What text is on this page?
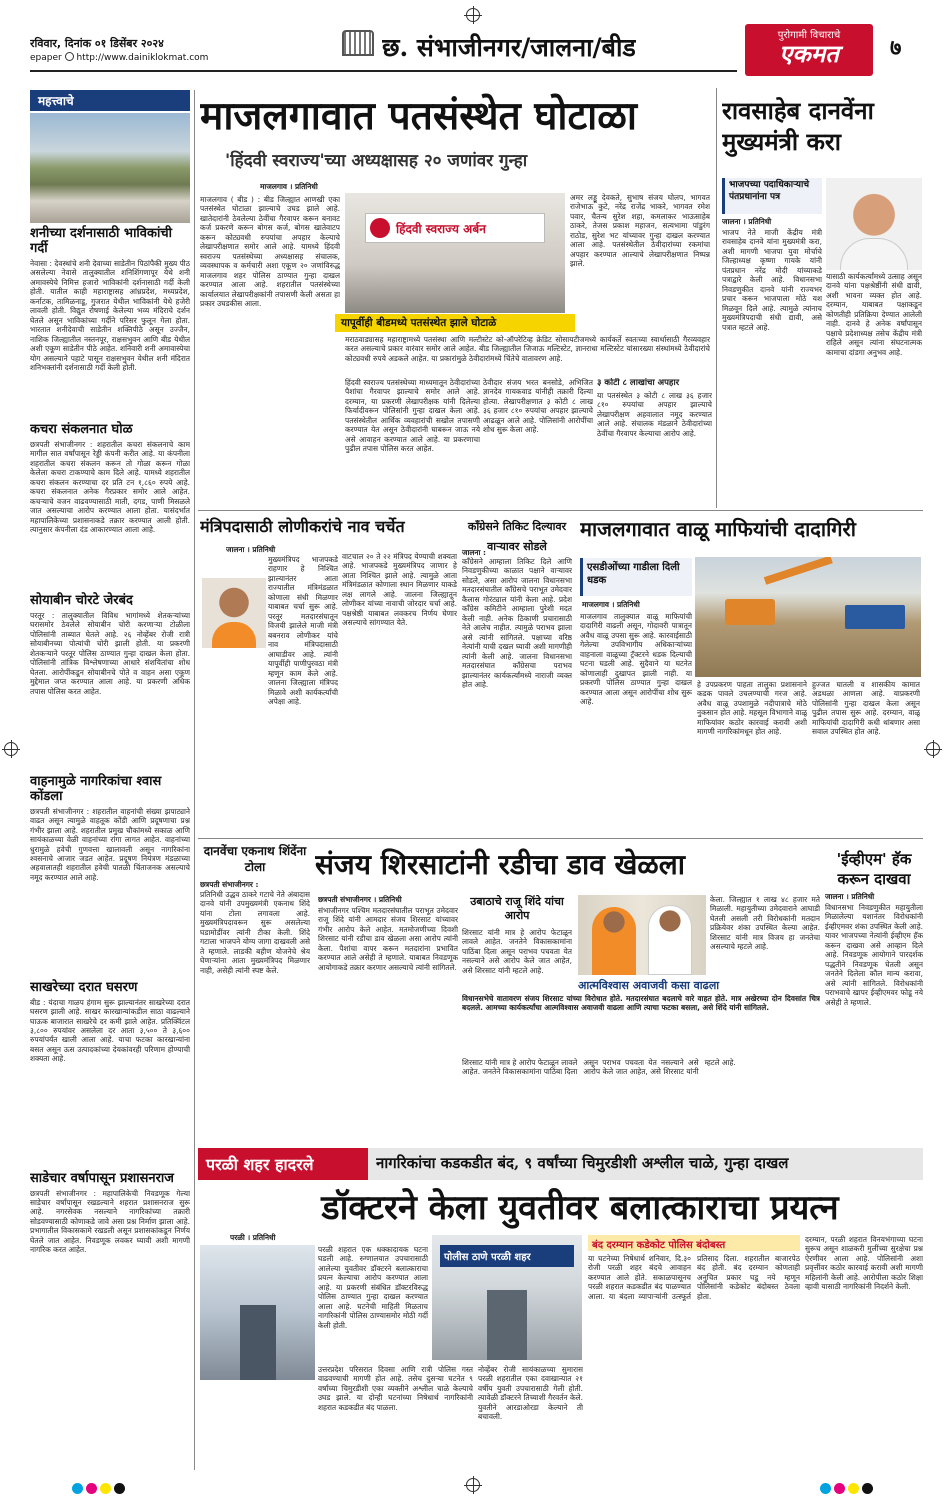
रविवार, दिनांक ०१ डिसेंबर २०२४
epaper http://www.dainiklokmat.com	छ. संभाजीनगर/जालना/बीड	पुरोगामी विचाराचे
एकमत	७
महत्त्वाचे
शनीच्या दर्शनासाठी भाविकांची गर्दी
नेवासा : देवस्थांचे शनी देवाच्या साडेतीन पिठांपैकी मुख्य पीठ असलेल्या नेवासे तालुक्यातील शनिशिंगणापूर येथे शनी अमावस्येचे निमित्त हजारो भाविकांनी दर्शनासाठी गर्दी केली होती. यातील काही महाराष्ट्रासह आंध्रप्रदेश, मध्यप्रदेश, कर्नाटक, तामिळनाडू, गुजरात येथील भाविकांनी येथे हजेरी लावली होती. विद्युत रोषणाई केलेल्या भव्य मंदिराचे दर्शन घेतले असून भाविकांच्या गर्दीने परिसर फुलून गेला होता. भारतात शनीदेवाची साडेतीन शक्तिपीठे असून उज्जैन, नाशिक जिल्ह्यातील नस्तनपूर, राक्षसभुवन आणि बीड येथील अशी एकूण साडेतीन पीठे आहेत. शनिवारी शनी अमावास्येचा योग असल्याने पहाटे पासून राक्षसभुवन येथील शनी मंदिरात शनिभक्तांनी दर्शनासाठी गर्दी केली होती.
कचरा संकलनात घोळ
छत्रपती संभाजीनगर : शहरातील कचरा संकलनाचे काम मागील सात वर्षांपासून रेड्डी कंपनी करीत आहे. या कंपनीला शहरातील कचरा संकलन करून तो गोळा करून गोळा केलेला कचरा टाकण्याचे काम दिले आहे. यामध्ये शहरातील कचरा संकलन करण्याचा दर प्रति टन १,८६० रुपये आहे. कचरा संकलनात अनेक गैरप्रकार समोर आले आहेत. कचऱ्याचे वजन वाढवण्यासाठी माती, दगड, पाणी मिसळले जात असल्याचा आरोप करण्यात आला होता. यासंदर्भात महापालिकेच्या प्रशासनाकडे तक्रार करण्यात आली होती. त्यानुसार कंपनीला दंड आकारण्यात आला आहे.
सोयाबीन चोरटे जेरबंद
परतूर : तालुक्यातील विविध भागांमध्ये शेतकऱ्यांच्या घरासमोर ठेवलेले सोयाबीन चोरी करणाऱ्या टोळीला पोलिसांनी ताब्यात घेतले आहे. २६ नोव्हेंबर रोजी रात्री सोयाबीनच्या पोत्यांची चोरी झाली होती. या प्रकरणी शेतकऱ्याने परतूर पोलिस ठाण्यात गुन्हा दाखल केला होता. पोलिसांनी तांत्रिक विश्लेषणाच्या आधारे संशयितांचा शोध घेतला. आरोपींकडून सोयाबीनचे पोते व वाहन असा एकूण मुद्देमाल जप्त करण्यात आला आहे. या प्रकरणी अधिक तपास पोलिस करत आहेत.
वाहनामुळे नागरिकांचा श्वास कोंडला
छत्रपती संभाजीनगर : शहरातील वाहनांची संख्या झपाट्याने वाढत असून त्यामुळे वाहतूक कोंडी आणि प्रदूषणाचा प्रश्न गंभीर झाला आहे. शहरातील प्रमुख चौकांमध्ये सकाळ आणि सायंकाळच्या वेळी वाहनांच्या रांगा लागत आहेत. वाहनांच्या धुरामुळे हवेची गुणवत्ता खालावली असून नागरिकांना श्वसनाचे आजार जडत आहेत. प्रदूषण नियंत्रण मंडळाच्या अहवालातही शहरातील हवेची पातळी चिंताजनक असल्याचे नमूद करण्यात आले आहे.
साखरेच्या दरात घसरण
बीड : यंदाचा गाळप हंगाम सुरू झाल्यानंतर साखरेच्या दरात घसरण झाली आहे. साखर कारखान्यांकडील साठा वाढल्याने घाऊक बाजारात साखरेचे दर कमी झाले आहेत. प्रतिक्विंटल ३,८०० रुपयांवर असलेला दर आता ३,५०० ते ३,६०० रुपयांपर्यंत खाली आला आहे. याचा फटका कारखान्यांना बसत असून ऊस उत्पादकांच्या देयकांवरही परिणाम होण्याची शक्यता आहे.
साडेचार वर्षापासून प्रशासनराज
छत्रपती संभाजीनगर : महापालिकेची निवडणूक गेल्या साडेचार वर्षांपासून रखडल्याने शहरात प्रशासनराज सुरू आहे. नगरसेवक नसल्याने नागरिकांच्या तक्रारी सोडवण्यासाठी कोणाकडे जावे असा प्रश्न निर्माण झाला आहे. प्रभागातील विकासकामे रखडली असून प्रशासकांकडून निर्णय घेतले जात आहेत. निवडणूक लवकर घ्यावी अशी मागणी नागरिक करत आहेत.
माजलगावात पतसंस्थेत घोटाळा
'हिंदवी स्वराज्य'च्या अध्यक्षासह २० जणांवर गुन्हा
माजलगाव । प्रतिनिधी
माजलगाव ( बीड ) : बीड जिल्ह्यात आणखी एका पतसंस्थेत घोटाळा झाल्याचे उघड झाले आहे. खातेदारांनी ठेवलेल्या ठेवींचा गैरवापर करून बनावट कर्ज प्रकरणे करून बोगस कर्ज, बोगस खातेवाटप करून कोट्यवधी रुपयांचा अपहार केल्याचे लेखापरीक्षणात समोर आले आहे. यामध्ये हिंदवी स्वराज्य पतसंस्थेच्या अध्यक्षासह संचालक, व्यवस्थापक व कर्मचारी अशा एकूण २० जणांविरुद्ध माजलगाव शहर पोलिस ठाण्यात गुन्हा दाखल करण्यात आला आहे. शहरातील पतसंस्थेच्या कार्यालयात लेखापरीक्षकांनी तपासणी केली असता हा प्रकार उघडकीस आला.
हिंदवी स्वराज्य अर्बन
अमर लड्डू देवकते, सुभाष संजय घोलप, भागवत राजेभाऊ कुटे, नरेंद्र राजेंद्र भाकरे, भागवत रमेश पवार, चैतन्य सुरेश शहा, कमलाकर भाऊसाहेब ठाकरे, तेजस प्रकाश महाजन, सत्यभामा पांडुरंग राठोड, सुरेश भट यांच्यावर गुन्हा दाखल करण्यात आला आहे. पतसंस्थेतील ठेवीदारांच्या रकमांचा अपहार करण्यात आल्याचे लेखापरीक्षणात निष्पन्न झाले.
यापूर्वीही बीडमध्ये पतसंस्थेत झाले घोटाळे
मराठवाड्यासह महाराष्ट्रामध्ये पतसंस्था आणि मल्टीस्टेट को-ऑपरेटिव्ह क्रेडिट सोसायटीजमध्ये कार्यकर्ते स्वतःच्या स्वार्थासाठी गैरव्यवहार करत असल्याचे प्रकार वारंवार समोर आले आहेत. बीड जिल्ह्यातील जिजाऊ मल्टिस्टेट, ज्ञानराधा मल्टिस्टेट यांसारख्या संस्थांमध्ये ठेवीदारांचे कोट्यवधी रुपये अडकले आहेत. या प्रकारांमुळे ठेवीदारांमध्ये चिंतेचे वातावरण आहे.
हिंदवी स्वराज्य पतसंस्थेच्या माध्यमातून ठेवीदारांच्या पैशांचा गैरवापर झाल्याचे समोर आले आहे. दरम्यान, या प्रकरणी लेखापरीक्षक यांनी दिलेल्या फिर्यादीवरून पोलिसांनी गुन्हा दाखल केला आहे. पतसंस्थेतील आर्थिक व्यवहारांची सखोल तपासणी करण्यात येत असून ठेवीदारांनी घाबरून जाऊ नये असे आवाहन करण्यात आले आहे. या प्रकरणाचा पुढील तपास पोलिस करत आहेत.
ठेवीदार संजय भरत बनसोडे, अभिजित ज्ञानदेव गायकवाड यांनीही तक्रारी दिल्या होत्या. लेखापरीक्षणात ३ कोटी ८ लाख ३६ हजार ८१० रुपयांचा अपहार झाल्याचे आढळून आले आहे. पोलिसांनी आरोपींचा शोध सुरू केला आहे.
३ कोटी ८ लाखांचा अपहार
या पतसंस्थेत ३ कोटी ८ लाख ३६ हजार ८१० रुपयांचा अपहार झाल्याचे लेखापरीक्षण अहवालात नमूद करण्यात आले आहे. संचालक मंडळाने ठेवीदारांच्या ठेवींचा गैरवापर केल्याचा आरोप आहे.
रावसाहेब दानवेंना मुख्यमंत्री करा
भाजपच्या पदाधिकाऱ्याचे पंतप्रधानांना पत्र
जालना । प्रतिनिधी
भाजप नेते माजी केंद्रीय मंत्री रावसाहेब दानवे यांना मुख्यमंत्री करा, अशी मागणी भाजपा युवा मोर्चाचे जिल्हाध्यक्ष कृष्णा गायके यांनी पंतप्रधान नरेंद्र मोदी यांच्याकडे पत्राद्वारे केली आहे. विधानसभा निवडणुकीत दानवे यांनी राज्यभर प्रचार करून भाजपाला मोठे यश मिळवून दिले आहे. त्यामुळे त्यांनाच मुख्यमंत्रिपदाची संधी द्यावी, असे पत्रात म्हटले आहे.
यासाठी कार्यकर्त्यांमध्ये उत्साह असून दानवे यांना पक्षश्रेष्ठींनी संधी द्यावी, अशी भावना व्यक्त होत आहे. दरम्यान, याबाबत पक्षाकडून कोणतीही प्रतिक्रिया देण्यात आलेली नाही. दानवे हे अनेक वर्षांपासून पक्षाचे प्रदेशाध्यक्ष तसेच केंद्रीय मंत्री राहिले असून त्यांना संघटनात्मक कामाचा दांडगा अनुभव आहे.
मंत्रिपदासाठी लोणीकरांचे नाव चर्चेत
जालना । प्रतिनिधी
मुख्यमंत्रिपद भाजपकडे राहणार हे निश्चित झाल्यानंतर आता राज्यातील मंत्रिमंडळात कोणाला संधी मिळणार याबाबत चर्चा सुरू आहे. परतूर मतदारसंघातून विजयी झालेले माजी मंत्री बबनराव लोणीकर यांचे नाव मंत्रिपदासाठी आघाडीवर आहे. त्यांनी यापूर्वीही पाणीपुरवठा मंत्री म्हणून काम केले आहे. जालना जिल्ह्याला मंत्रिपद मिळावे अशी कार्यकर्त्यांची अपेक्षा आहे.
वाटचाल २० ते २२ मंत्रिपद येण्याची शक्यता आहे. भाजपकडे मुख्यमंत्रिपद जाणार हे आता निश्चित झाले आहे. त्यामुळे आता मंत्रिमंडळात कोणाला स्थान मिळणार याकडे लक्ष लागले आहे. जालना जिल्ह्यातून लोणीकर यांच्या नावाची जोरदार चर्चा आहे. पक्षश्रेष्ठी याबाबत लवकरच निर्णय घेणार असल्याचे सांगण्यात येते.
काँग्रेसने तिकिट दिल्यावर वाऱ्यावर सोडले
जालना :
काँग्रेसने आम्हाला तिकिट दिले आणि निवडणुकीच्या काळात पक्षाने वाऱ्यावर सोडले, असा आरोप जालना विधानसभा मतदारसंघातील काँग्रेसचे पराभूत उमेदवार कैलास गोरंट्याल यांनी केला आहे. प्रदेश काँग्रेस कमिटीने आम्हाला पुरेशी मदत केली नाही. अनेक ठिकाणी प्रचारासाठी नेते आलेच नाहीत. त्यामुळे पराभव झाला असे त्यांनी सांगितले. पक्षाच्या वरिष्ठ नेत्यांनी याची दखल घ्यावी अशी मागणीही त्यांनी केली आहे. जालना विधानसभा मतदारसंघात काँग्रेसचा पराभव झाल्यानंतर कार्यकर्त्यांमध्ये नाराजी व्यक्त होत आहे.
माजलगावात वाळू माफियांची दादागिरी
एसडीओंच्या गाडीला दिली धडक
माजलगाव । प्रतिनिधी
माजलगाव तालुक्यात वाळू माफियांची दादागिरी वाढली असून, गोदावरी पात्रातून अवैध वाळू उपसा सुरू आहे. कारवाईसाठी गेलेल्या उपविभागीय अधिकाऱ्यांच्या वाहनाला वाळूच्या ट्रॅक्टरने धडक दिल्याची घटना घडली आहे. सुदैवाने या घटनेत कोणालाही दुखापत झाली नाही. या प्रकरणी पोलिस ठाण्यात गुन्हा दाखल करण्यात आला असून आरोपींचा शोध सुरू आहे.
हे उपप्रकरण पाहता तालुका प्रशासनाने कडक पावले उचलण्याची गरज आहे. अवैध वाळू उपशामुळे नदीपात्राचे मोठे नुकसान होत आहे. महसूल विभागाने वाळू माफियांवर कठोर कारवाई करावी अशी मागणी नागरिकांमधून होत आहे.
हुज्जत घातली व शासकीय कामात अडथळा आणला आहे. याप्रकरणी पोलिसांनी गुन्हा दाखल केला असून पुढील तपास सुरू आहे. दरम्यान, वाळू माफियांची दादागिरी कधी थांबणार असा सवाल उपस्थित होत आहे.
दानवेंचा एकनाथ शिंदेंना टोला
छत्रपती संभाजीनगर :
प्रतिनिधी उद्धव ठाकरे गटाचे नेते अंबादास दानवे यांनी उपमुख्यमंत्री एकनाथ शिंदे यांना टोला लगावला आहे. मुख्यमंत्रिपदावरून सुरू असलेल्या घडामोडींवर त्यांनी टीका केली. शिंदे गटाला भाजपने योग्य जागा दाखवली असे ते म्हणाले. लाडकी बहीण योजनेचे श्रेय घेणाऱ्यांना आता मुख्यमंत्रिपद मिळणार नाही, असेही त्यांनी स्पष्ट केले.
संजय शिरसाटांनी रडीचा डाव खेळला
छत्रपती संभाजीनगर । प्रतिनिधी
संभाजीनगर पश्चिम मतदारसंघातील पराभूत उमेदवार राजू शिंदे यांनी आमदार संजय शिरसाट यांच्यावर गंभीर आरोप केले आहेत. मतमोजणीच्या दिवशी शिरसाट यांनी रडीचा डाव खेळला असा आरोप त्यांनी केला. पैशांचा वापर करून मतदारांना प्रभावित करण्यात आले असेही ते म्हणाले. याबाबत निवडणूक आयोगाकडे तक्रार करणार असल्याचे त्यांनी सांगितले.
उबाठाचे राजू शिंदे यांचा आरोप
शिरसाट यांनी मात्र हे आरोप फेटाळून लावले आहेत. जनतेने विकासकामांना पाठिंबा दिला असून पराभव पचवता येत नसल्याने असे आरोप केले जात आहेत, असे शिरसाट यांनी म्हटले आहे.
केला. जिल्ह्यात १ लाख ४८ हजार मते मिळाली. महायुतीच्या उमेदवाराने आघाडी घेतली असली तरी विरोधकांनी मतदान प्रक्रियेवर शंका उपस्थित केल्या आहेत. शिरसाट यांनी मात्र विजय हा जनतेचा असल्याचे म्हटले आहे.
आत्मविश्वास अवाजवी कसा वाढला
विधानसभेचे वातावरण संजय शिरसाट यांच्या विरोधात होते. मतदारसंघात बदलाचे वारे वाहत होते. मात्र अखेरच्या दोन दिवसांत चित्र बदलले. आमच्या कार्यकर्त्यांचा आत्मविश्वास अवाजवी वाढला आणि त्याचा फटका बसला, असे शिंदे यांनी सांगितले.
शिरसाट यांनी मात्र हे आरोप फेटाळून लावले आहेत. जनतेने विकासकामांना पाठिंबा दिला असून पराभव पचवता येत नसल्याने असे आरोप केले जात आहेत, असे शिरसाट यांनी म्हटले आहे.
'ईव्हीएम' हॅक करून दाखवा
जालना । प्रतिनिधी
विधानसभा निवडणुकीत महायुतीला मिळालेल्या यशानंतर विरोधकांनी ईव्हीएमवर शंका उपस्थित केली आहे. यावर भाजपच्या नेत्यांनी ईव्हीएम हॅक करून दाखवा असे आव्हान दिले आहे. निवडणूक आयोगाने पारदर्शक पद्धतीने निवडणूक घेतली असून जनतेने दिलेला कौल मान्य करावा, असे त्यांनी सांगितले. विरोधकांनी पराभवाचे खापर ईव्हीएमवर फोडू नये असेही ते म्हणाले.
परळी शहर हादरले	नागरिकांचा कडकडीत बंद, ९ वर्षांच्या चिमुरडीशी अश्लील चाळे, गुन्हा दाखल
डॉक्टरने केला युवतीवर बलात्काराचा प्रयत्न
परळी । प्रतिनिधी
परळी शहरात एक धक्कादायक घटना घडली आहे. रुग्णालयात उपचारासाठी आलेल्या युवतीवर डॉक्टरने बलात्काराचा प्रयत्न केल्याचा आरोप करण्यात आला आहे. या प्रकरणी संबंधित डॉक्टरविरुद्ध पोलिस ठाण्यात गुन्हा दाखल करण्यात आला आहे. घटनेची माहिती मिळताच नागरिकांनी पोलिस ठाण्यासमोर मोठी गर्दी केली होती.
पोलीस ठाणे परळी शहर
उत्तरप्रदेश परिसरात दिवसा आणि रात्री पोलिस गस्त वाढवण्याची मागणी होत आहे. तसेच दुसऱ्या घटनेत ९ वर्षांच्या चिमुरडीशी एका व्यक्तीने अश्लील चाळे केल्याचे उघड झाले. या दोन्ही घटनांच्या निषेधार्थ नागरिकांनी शहरात कडकडीत बंद पाळला.
नोव्हेंबर रोजी सायंकाळच्या सुमारास परळी शहरातील एका दवाखान्यात २१ वर्षीय युवती उपचारासाठी गेली होती. त्यावेळी डॉक्टरने तिच्याशी गैरवर्तन केले. युवतीने आरडाओरडा केल्याने ती बचावली.
बंद दरम्यान कडेकोट पोलिस बंदोबस्त
या घटनेच्या निषेधार्थ शनिवार, दि.३० रोजी परळी शहर बंदचे आवाहन करण्यात आले होते. सकाळपासूनच परळी शहरात कडकडीत बंद पाळण्यात आला. या बंदला व्यापाऱ्यांनी उत्स्फूर्त प्रतिसाद दिला. शहरातील बाजारपेठ बंद होती. बंद दरम्यान कोणताही अनुचित प्रकार घडू नये म्हणून पोलिसांनी कडेकोट बंदोबस्त ठेवला होता.
दरम्यान, परळी शहरात विनयभंगाच्या घटना सुरूच असून शाळकरी मुलींच्या सुरक्षेचा प्रश्न ऐरणीवर आला आहे. पोलिसांनी अशा प्रवृत्तींवर कठोर कारवाई करावी अशी मागणी महिलांनी केली आहे. आरोपीला कठोर शिक्षा व्हावी यासाठी नागरिकांनी निदर्शने केली.
